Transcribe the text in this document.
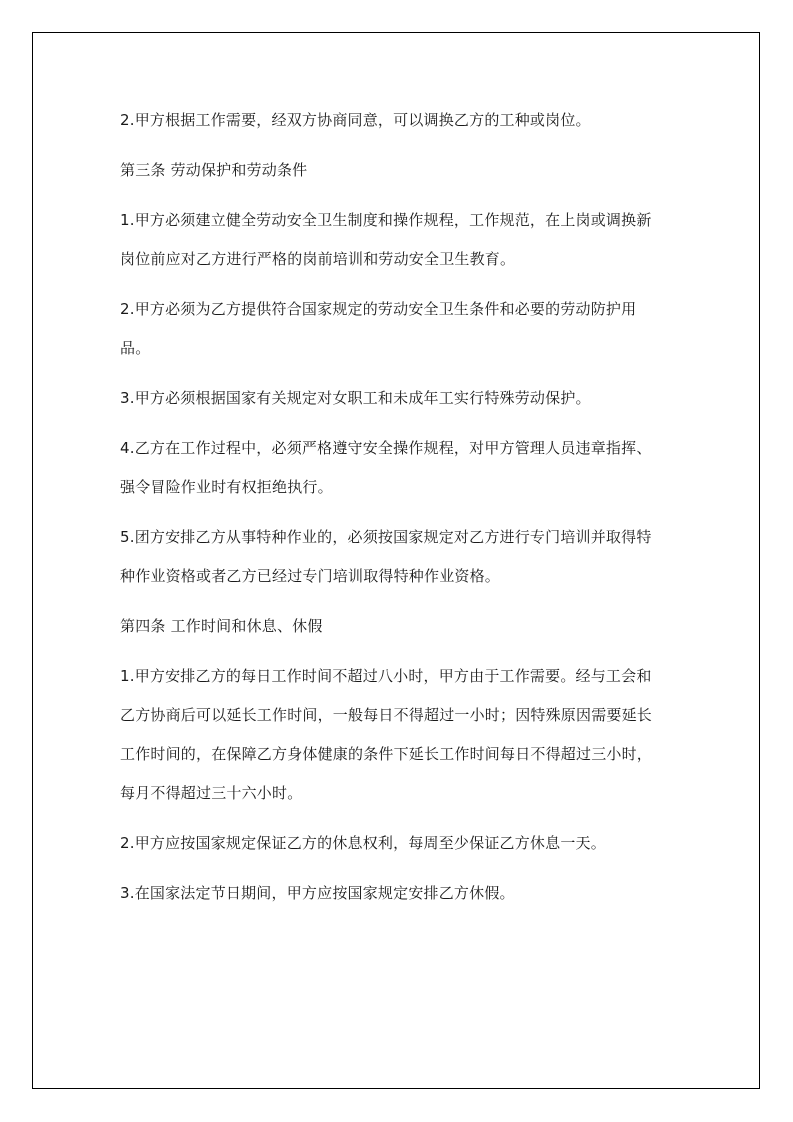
2.甲方根据工作需要，经双方协商同意，可以调换乙方的工种或岗位。

第三条 劳动保护和劳动条件

1.甲方必须建立健全劳动安全卫生制度和操作规程，工作规范，在上岗或调换新
岗位前应对乙方进行严格的岗前培训和劳动安全卫生教育。

2.甲方必须为乙方提供符合国家规定的劳动安全卫生条件和必要的劳动防护用
品。

3.甲方必须根据国家有关规定对女职工和未成年工实行特殊劳动保护。

4.乙方在工作过程中，必须严格遵守安全操作规程，对甲方管理人员违章指挥、
强令冒险作业时有权拒绝执行。

5.团方安排乙方从事特种作业的，必须按国家规定对乙方进行专门培训并取得特
种作业资格或者乙方已经过专门培训取得特种作业资格。

第四条 工作时间和休息、休假

1.甲方安排乙方的每日工作时间不超过八小时，甲方由于工作需要。经与工会和
乙方协商后可以延长工作时间，一般每日不得超过一小时；因特殊原因需要延长
工作时间的，在保障乙方身体健康的条件下延长工作时间每日不得超过三小时，
每月不得超过三十六小时。

2.甲方应按国家规定保证乙方的休息权利，每周至少保证乙方休息一天。

3.在国家法定节日期间，甲方应按国家规定安排乙方休假。
